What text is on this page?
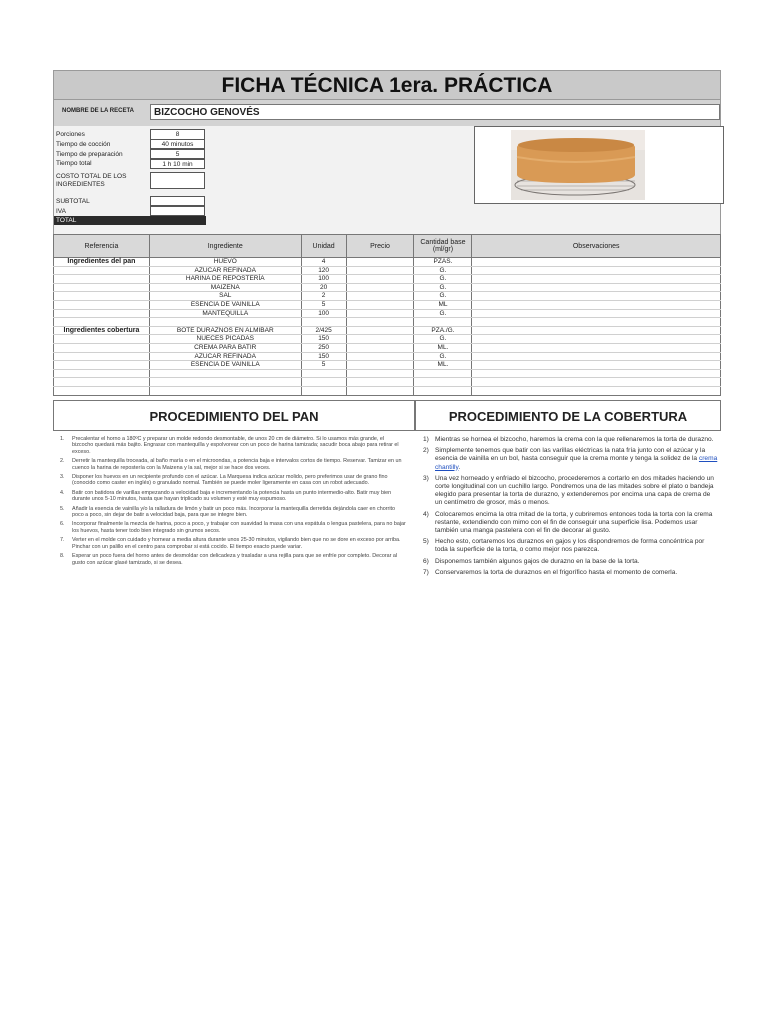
FICHA TÉCNICA 1era. PRÁCTICA
NOMBRE DE LA RECETA	BIZCOCHO GENOVÉS
Porciones	8
Tiempo de cocción	40 minutos
Tiempo de preparación	5
Tiempo total	1 h 10 min
COSTO TOTAL DE LOS
INGREDIENTES
SUBTOTAL
IVA
TOTAL
Referencia	Ingrediente	Unidad	Precio	Cantidad base (ml/gr)	Observaciones
Ingredientes del pan	HUEVO	4		PZAS.	
	AZUCAR REFINADA	120		G.	
	HARINA DE REPOSTERÍA	100		G.	
	MAIZENA	20		G.	
	SAL	2		G.	
	ESENCIA DE VAINILLA	5		ML	
	MANTEQUILLA	100		G.	

Ingredientes cobertura	BOTE DURAZNOS EN ALMIBAR	2/425		PZA./G.	
	NUECES PICADAS	150		G.	
	CREMA PARA BATIR	250		ML.	
	AZUCAR REFINADA	150		G.	
	ESENCIA DE VAINILLA	5		ML.	

PROCEDIMIENTO DEL PAN	PROCEDIMIENTO DE LA COBERTURA
1.	Precalentar el horno a 180ºC y preparar un molde redondo desmontable, de unos 20 cm de diámetro. Si lo usamos más grande, el bizcocho quedará más bajito. Engrasar con mantequilla y espolvorear con un poco de harina tamizada; sacudir boca abajo para retirar el exceso.
2.	Derretir la mantequilla troceada, al baño maría o en el microondas, a potencia baja e intervalos cortos de tiempo. Reservar. Tamizar en un cuenco la harina de repostería con la Maizena y la sal, mejor si se hace dos veces.
3.	Disponer los huevos en un recipiente profundo con el azúcar. La Marquesa indica azúcar molido, pero preferimos usar de grano fino (conocido como caster en inglés) o granulado normal. También se puede moler ligeramente en casa con un robot adecuado.
4.	Batir con batidora de varillas empezando a velocidad baja e incrementando la potencia hasta un punto intermedio-alto. Batir muy bien durante unos 5-10 minutos, hasta que hayan triplicado su volumen y esté muy espumoso.
5.	Añadir la esencia de vainilla y/o la ralladura de limón y batir un poco más. Incorporar la mantequilla derretida dejándola caer en chorrito poco a poco, sin dejar de batir a velocidad baja, para que se integre bien.
6.	Incorporar finalmente la mezcla de harina, poco a poco, y trabajar con suavidad la masa con una espátula o lengua pastelera, para no bajar los huevos, hasta tener todo bien integrado sin grumos secos.
7.	Verter en el molde con cuidado y hornear a media altura durante unos 25-30 minutos, vigilando bien que no se dore en exceso por arriba. Pinchar con un palillo en el centro para comprobar si está cocido. El tiempo exacto puede variar.
8.	Esperar un poco fuera del horno antes de desmoldar con delicadeza y trasladar a una rejilla para que se enfríe por completo. Decorar al gusto con azúcar glasé tamizado, si se desea.
1) Mientras se hornea el bizcocho, haremos la crema con la que rellenaremos la torta de durazno.
2) Simplemente tenemos que batir con las varillas eléctricas la nata fría junto con el azúcar y la esencia de vainilla en un bol, hasta conseguir que la crema monte y tenga la solidez de la crema chantilly.
3) Una vez horneado y enfriado el bizcocho, procederemos a cortarlo en dos mitades haciendo un corte longitudinal con un cuchillo largo. Pondremos una de las mitades sobre el plato o bandeja elegido para presentar la torta de durazno, y extenderemos por encima una capa de crema de un centímetro de grosor, más o menos.
4) Colocaremos encima la otra mitad de la torta, y cubriremos entonces toda la torta con la crema restante, extendiendo con mimo con el fin de conseguir una superficie lisa. Podemos usar también una manga pastelera con el fin de decorar al gusto.
5) Hecho esto, cortaremos los duraznos en gajos y los dispondremos de forma concéntrica por toda la superficie de la torta, o como mejor nos parezca.
6) Disponemos también algunos gajos de durazno en la base de la torta.
7) Conservaremos la torta de duraznos en el frigorífico hasta el momento de comerla.
